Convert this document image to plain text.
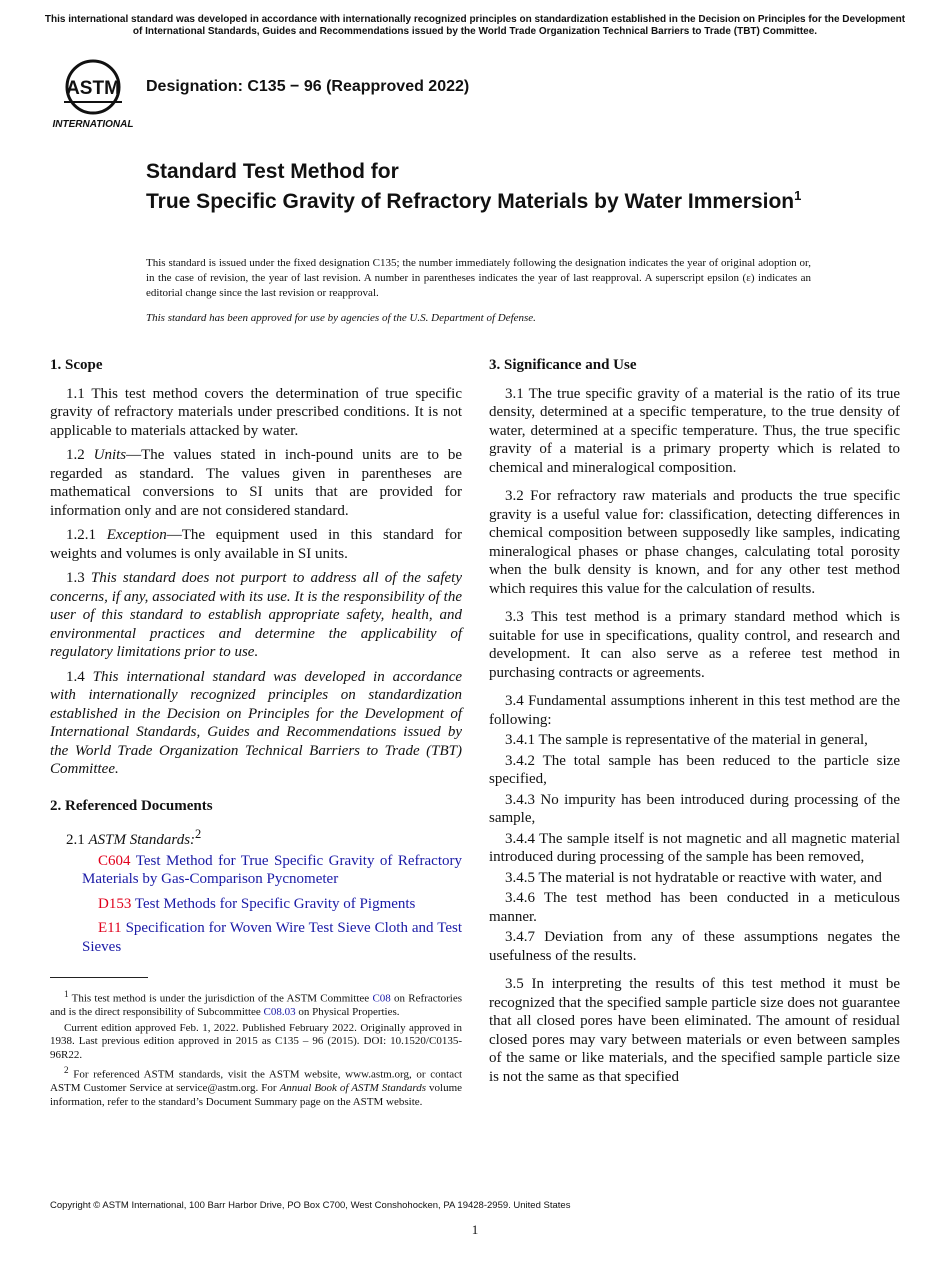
This international standard was developed in accordance with internationally recognized principles on standardization established in the Decision on Principles for the Development of International Standards, Guides and Recommendations issued by the World Trade Organization Technical Barriers to Trade (TBT) Committee.
ASTM
INTERNATIONAL
Designation: C135 − 96 (Reapproved 2022)
Standard Test Method for
True Specific Gravity of Refractory Materials by Water Immersion$^1$
This standard is issued under the fixed designation C135; the number immediately following the designation indicates the year of original adoption or, in the case of revision, the year of last revision. A number in parentheses indicates the year of last reapproval. A superscript epsilon (ε) indicates an editorial change since the last revision or reapproval.
This standard has been approved for use by agencies of the U.S. Department of Defense.
1. Scope

1.1 This test method covers the determination of true specific gravity of refractory materials under prescribed conditions. It is not applicable to materials attacked by water.

1.2 Units—The values stated in inch-pound units are to be regarded as standard. The values given in parentheses are mathematical conversions to SI units that are provided for information only and are not considered standard.

1.2.1 Exception—The equipment used in this standard for weights and volumes is only available in SI units.

1.3 This standard does not purport to address all of the safety concerns, if any, associated with its use. It is the responsibility of the user of this standard to establish appropriate safety, health, and environmental practices and determine the applicability of regulatory limitations prior to use.

1.4 This international standard was developed in accordance with internationally recognized principles on standardization established in the Decision on Principles for the Development of International Standards, Guides and Recommendations issued by the World Trade Organization Technical Barriers to Trade (TBT) Committee.

2. Referenced Documents

2.1 ASTM Standards:$^2$

C604 Test Method for True Specific Gravity of Refractory Materials by Gas-Comparison Pycnometer

D153 Test Methods for Specific Gravity of Pigments

E11 Specification for Woven Wire Test Sieve Cloth and Test Sieves

3. Significance and Use

3.1 The true specific gravity of a material is the ratio of its true density, determined at a specific temperature, to the true density of water, determined at a specific temperature. Thus, the true specific gravity of a material is a primary property which is related to chemical and mineralogical composition.

3.2 For refractory raw materials and products the true specific gravity is a useful value for: classification, detecting differences in chemical composition between supposedly like samples, indicating mineralogical phases or phase changes, calculating total porosity when the bulk density is known, and for any other test method which requires this value for the calculation of results.

3.3 This test method is a primary standard method which is suitable for use in specifications, quality control, and research and development. It can also serve as a referee test method in purchasing contracts or agreements.

3.4 Fundamental assumptions inherent in this test method are the following:

3.4.1 The sample is representative of the material in general,

3.4.2 The total sample has been reduced to the particle size specified,

3.4.3 No impurity has been introduced during processing of the sample,

3.4.4 The sample itself is not magnetic and all magnetic material introduced during processing of the sample has been removed,

3.4.5 The material is not hydratable or reactive with water, and

3.4.6 The test method has been conducted in a meticulous manner.

3.4.7 Deviation from any of these assumptions negates the usefulness of the results.

3.5 In interpreting the results of this test method it must be recognized that the specified sample particle size does not guarantee that all closed pores have been eliminated. The amount of residual closed pores may vary between materials or even between samples of the same or like materials, and the specified sample particle size is not the same as that specified

$^1$ This test method is under the jurisdiction of the ASTM Committee C08 on Refractories and is the direct responsibility of Subcommittee C08.03 on Physical Properties.

Current edition approved Feb. 1, 2022. Published February 2022. Originally approved in 1938. Last previous edition approved in 2015 as C135 – 96 (2015). DOI: 10.1520/C0135-96R22.

$^2$ For referenced ASTM standards, visit the ASTM website, www.astm.org, or contact ASTM Customer Service at service@astm.org. For Annual Book of ASTM Standards volume information, refer to the standard’s Document Summary page on the ASTM website.

Copyright © ASTM International, 100 Barr Harbor Drive, PO Box C700, West Conshohocken, PA 19428-2959. United States
1
